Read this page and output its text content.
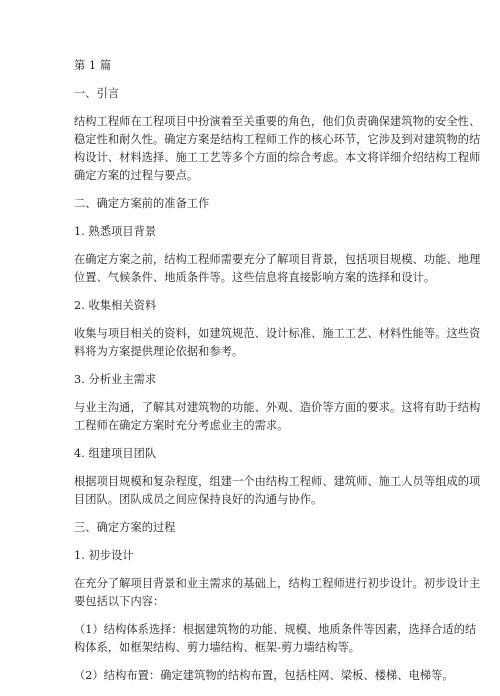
第 1 篇
一、引言
结构工程师在工程项目中扮演着至关重要的角色，他们负责确保建筑物的安全性、
稳定性和耐久性。确定方案是结构工程师工作的核心环节，它涉及到对建筑物的结
构设计、材料选择、施工工艺等多个方面的综合考虑。本文将详细介绍结构工程师
确定方案的过程与要点。
二、确定方案前的准备工作
1. 熟悉项目背景
在确定方案之前，结构工程师需要充分了解项目背景，包括项目规模、功能、地理
位置、气候条件、地质条件等。这些信息将直接影响方案的选择和设计。
2. 收集相关资料
收集与项目相关的资料，如建筑规范、设计标准、施工工艺、材料性能等。这些资
料将为方案提供理论依据和参考。
3. 分析业主需求
与业主沟通，了解其对建筑物的功能、外观、造价等方面的要求。这将有助于结构
工程师在确定方案时充分考虑业主的需求。
4. 组建项目团队
根据项目规模和复杂程度，组建一个由结构工程师、建筑师、施工人员等组成的项
目团队。团队成员之间应保持良好的沟通与协作。
三、确定方案的过程
1. 初步设计
在充分了解项目背景和业主需求的基础上，结构工程师进行初步设计。初步设计主
要包括以下内容：
（1）结构体系选择：根据建筑物的功能、规模、地质条件等因素，选择合适的结
构体系，如框架结构、剪力墙结构、框架-剪力墙结构等。
（2）结构布置：确定建筑物的结构布置，包括柱网、梁板、楼梯、电梯等。
